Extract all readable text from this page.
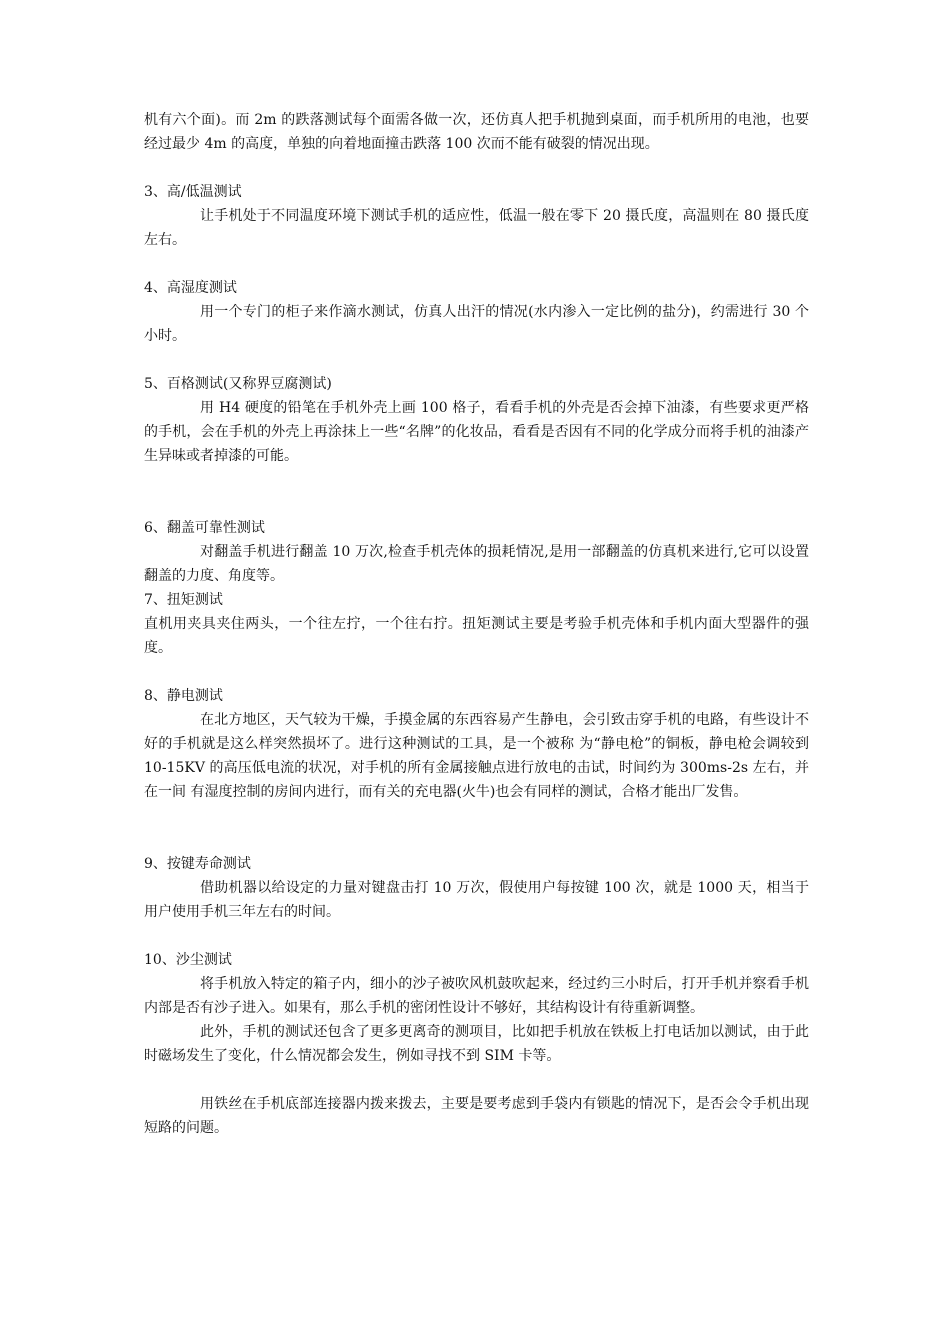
机有六个面)。而 2m 的跌落测试每个面需各做一次，还仿真人把手机抛到桌面，而手机所用的电池，也要经过最少 4m 的高度，单独的向着地面撞击跌落 100 次而不能有破裂的情况出现。

3、高/低温测试

让手机处于不同温度环境下测试手机的适应性，低温一般在零下 20 摄氏度，高温则在 80 摄氏度左右。

4、高湿度测试

用一个专门的柜子来作滴水测试，仿真人出汗的情况(水内渗入一定比例的盐分)，约需进行 30 个小时。

5、百格测试(又称界豆腐测试)

用 H4 硬度的铅笔在手机外壳上画 100 格子，看看手机的外壳是否会掉下油漆，有些要求更严格的手机，会在手机的外壳上再涂抹上一些“名牌”的化妆品，看看是否因有不同的化学成分而将手机的油漆产生异味或者掉漆的可能。

6、翻盖可靠性测试

对翻盖手机进行翻盖 10 万次,检查手机壳体的损耗情况,是用一部翻盖的仿真机来进行,它可以设置翻盖的力度、角度等。

7、扭矩测试

直机用夹具夹住两头，一个往左拧，一个往右拧。扭矩测试主要是考验手机壳体和手机内面大型器件的强度。

8、静电测试

在北方地区，天气较为干燥，手摸金属的东西容易产生静电，会引致击穿手机的电路，有些设计不好的手机就是这么样突然损坏了。进行这种测试的工具，是一个被称 为“静电枪”的铜板，静电枪会调较到 10-15KV 的高压低电流的状况，对手机的所有金属接触点进行放电的击试，时间约为 300ms-2s 左右，并在一间 有湿度控制的房间内进行，而有关的充电器(火牛)也会有同样的测试，合格才能出厂发售。

9、按键寿命测试

借助机器以给设定的力量对键盘击打 10 万次，假使用户每按键 100 次，就是 1000 天，相当于用户使用手机三年左右的时间。

10、沙尘测试

将手机放入特定的箱子内，细小的沙子被吹风机鼓吹起来，经过约三小时后，打开手机并察看手机内部是否有沙子进入。如果有，那么手机的密闭性设计不够好，其结构设计有待重新调整。

此外，手机的测试还包含了更多更离奇的测项目，比如把手机放在铁板上打电话加以测试，由于此时磁场发生了变化，什么情况都会发生，例如寻找不到 SIM 卡等。

用铁丝在手机底部连接器内拨来拨去，主要是要考虑到手袋内有锁匙的情况下，是否会令手机出现短路的问题。
